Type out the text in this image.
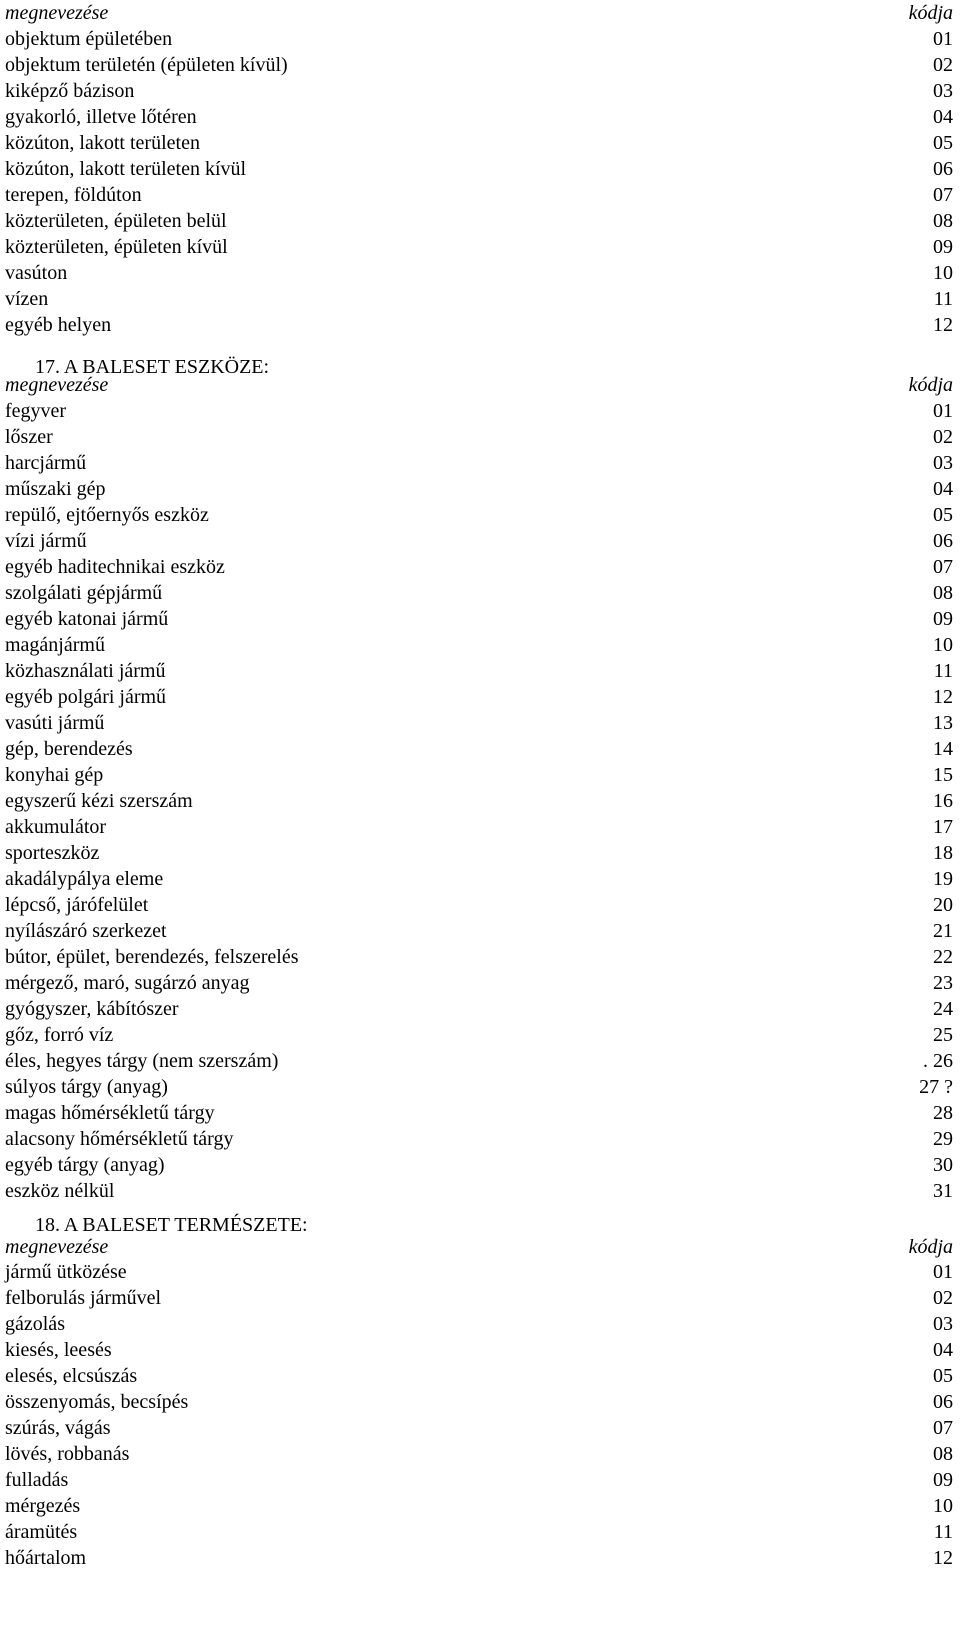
megnevezése	kódja
objektum épületében	01
objektum területén (épületen kívül)	02
kiképző bázison	03
gyakorló, illetve lőtéren	04
közúton, lakott területen	05
közúton, lakott területen kívül	06
terepen, földúton	07
közterületen, épületen belül	08
közterületen, épületen kívül	09
vasúton	10
vízen	11
egyéb helyen	12
17. A BALESET ESZKÖZE:
megnevezése	kódja
fegyver	01
lőszer	02
harcjármű	03
műszaki gép	04
repülő, ejtőernyős eszköz	05
vízi jármű	06
egyéb haditechnikai eszköz	07
szolgálati gépjármű	08
egyéb katonai jármű	09
magánjármű	10
közhasználati jármű	11
egyéb polgári jármű	12
vasúti jármű	13
gép, berendezés	14
konyhai gép	15
egyszerű kézi szerszám	16
akkumulátor	17
sporteszköz	18
akadálypálya eleme	19
lépcső, járófelület	20
nyílászáró szerkezet	21
bútor, épület, berendezés, felszerelés	22
mérgező, maró, sugárzó anyag	23
gyógyszer, kábítószer	24
gőz, forró víz	25
éles, hegyes tárgy (nem szerszám)	. 26
súlyos tárgy (anyag)	27 ?
magas hőmérsékletű tárgy	28
alacsony hőmérsékletű tárgy	29
egyéb tárgy (anyag)	30
eszköz nélkül	31
18. A BALESET TERMÉSZETE:
megnevezése	kódja
jármű ütközése	01
felborulás járművel	02
gázolás	03
kiesés, leesés	04
elesés, elcsúszás	05
összenyomás, becsípés	06
szúrás, vágás	07
lövés, robbanás	08
fulladás	09
mérgezés	10
áramütés	11
hőártalom	12
